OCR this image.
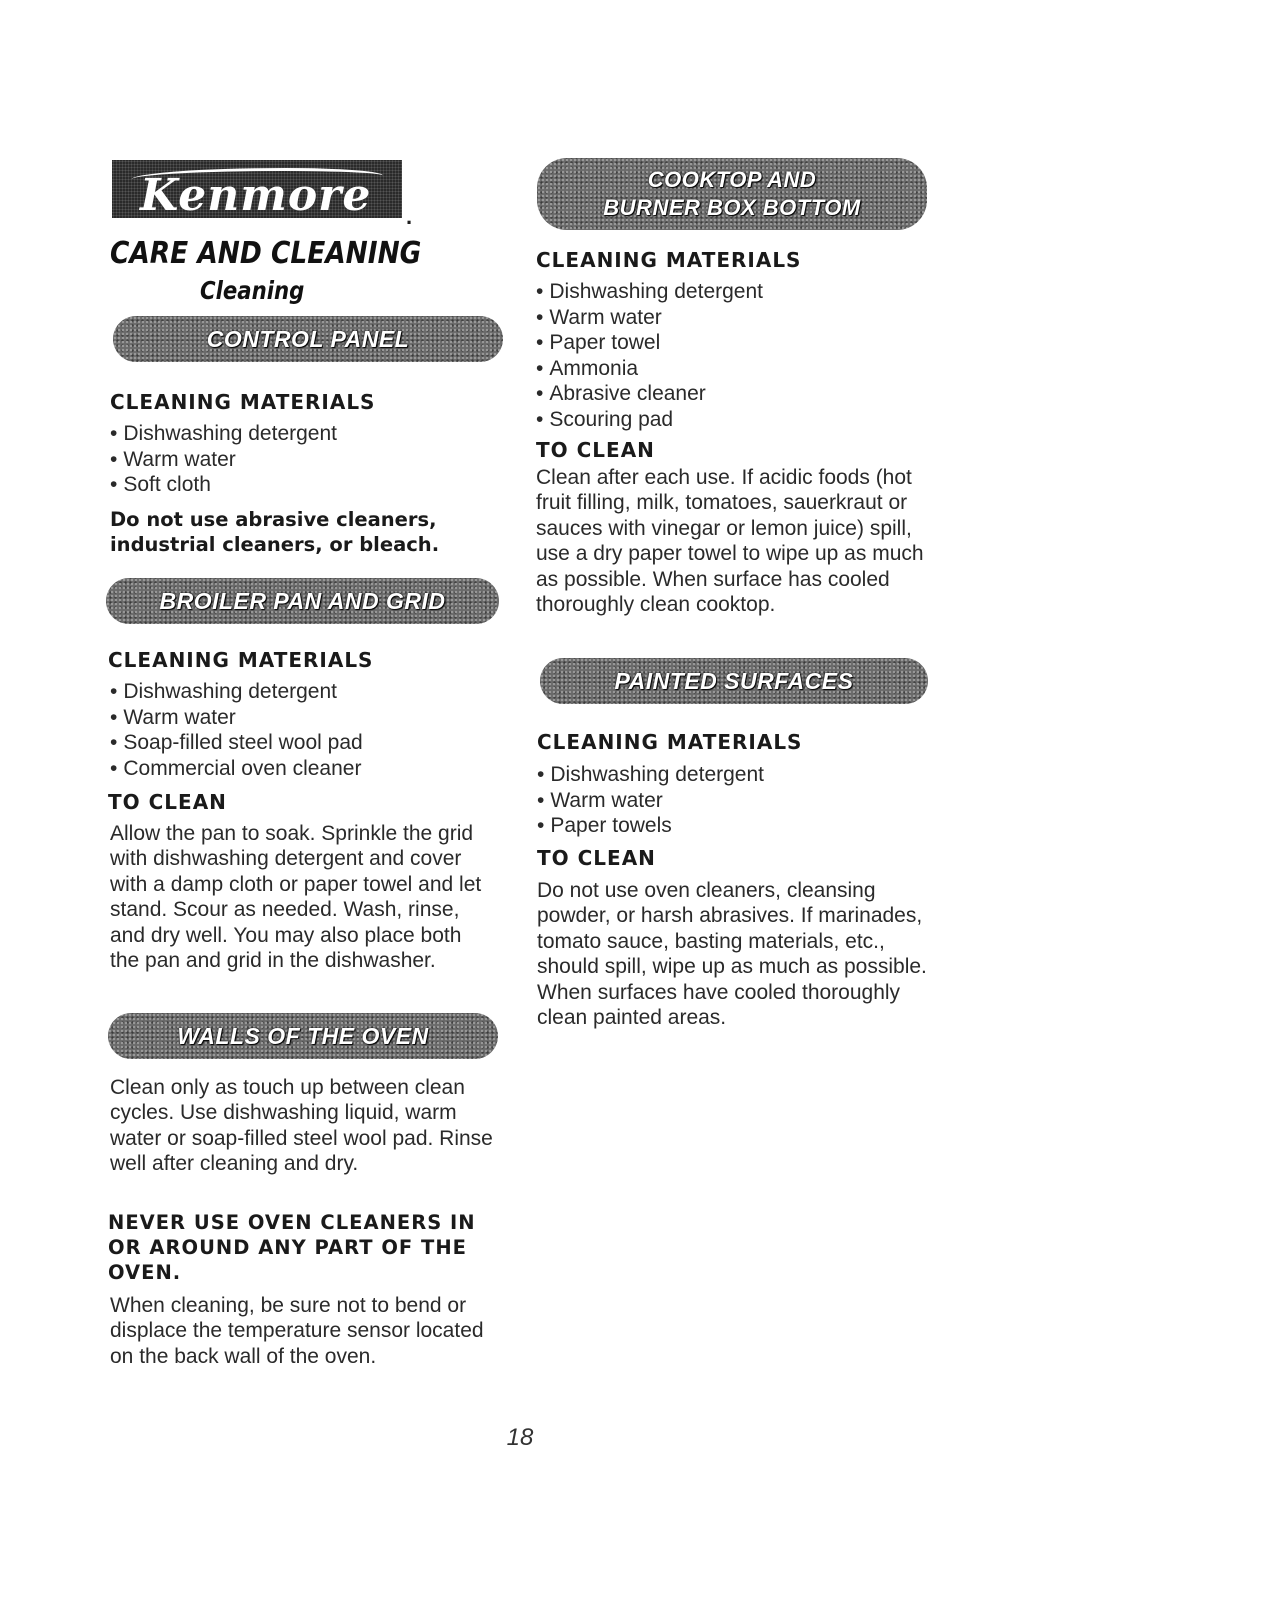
Kenmore .
CARE AND CLEANING
Cleaning
CONTROL PANEL
CLEANING MATERIALS
• Dishwashing detergent
• Warm water
• Soft cloth

Do not use abrasive cleaners, industrial cleaners, or bleach.

BROILER PAN AND GRID
CLEANING MATERIALS
• Dishwashing detergent
• Warm water
• Soap-filled steel wool pad
• Commercial oven cleaner
TO CLEAN

Allow the pan to soak. Sprinkle the grid with dishwashing detergent and cover with a damp cloth or paper towel and let stand. Scour as needed. Wash, rinse, and dry well. You may also place both the pan and grid in the dishwasher.

WALLS OF THE OVEN

Clean only as touch up between clean cycles. Use dishwashing liquid, warm water or soap-filled steel wool pad. Rinse well after cleaning and dry.

NEVER USE OVEN CLEANERS IN OR AROUND ANY PART OF THE OVEN.

When cleaning, be sure not to bend or displace the temperature sensor located on the back wall of the oven.

COOKTOP AND
BURNER BOX BOTTOM
CLEANING MATERIALS
• Dishwashing detergent
• Warm water
• Paper towel
• Ammonia
• Abrasive cleaner
• Scouring pad
TO CLEAN

Clean after each use. If acidic foods (hot fruit filling, milk, tomatoes, sauerkraut or sauces with vinegar or lemon juice) spill, use a dry paper towel to wipe up as much as possible. When surface has cooled thoroughly clean cooktop.

PAINTED SURFACES
CLEANING MATERIALS
• Dishwashing detergent
• Warm water
• Paper towels
TO CLEAN

Do not use oven cleaners, cleansing powder, or harsh abrasives. If marinades, tomato sauce, basting materials, etc., should spill, wipe up as much as possible. When surfaces have cooled thoroughly clean painted areas.

18
